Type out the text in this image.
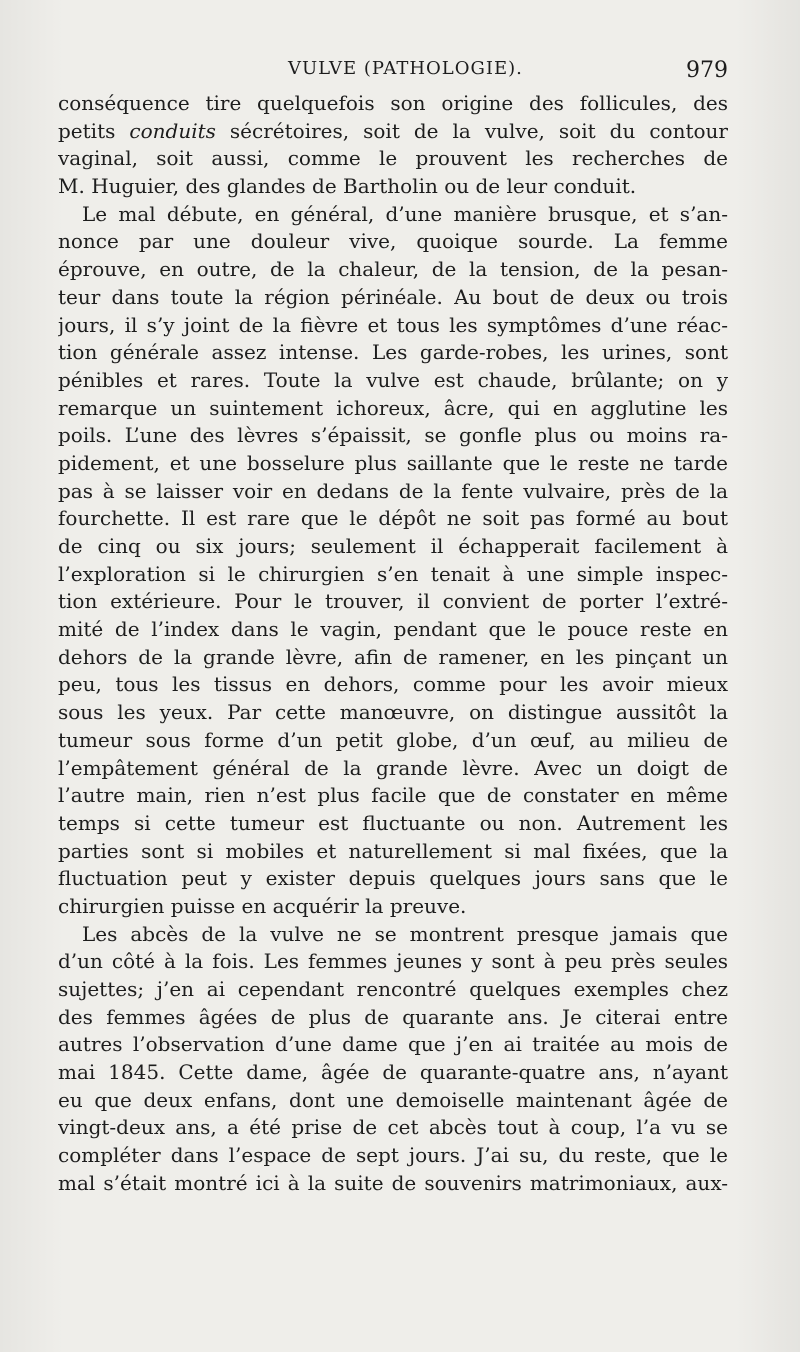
VULVE (PATHOLOGIE).	979
conséquence tire quelquefois son origine des follicules, des
petits conduits sécrétoires, soit de la vulve, soit du contour
vaginal, soit aussi, comme le prouvent les recherches de
M. Huguier, des glandes de Bartholin ou de leur conduit.
Le mal débute, en général, d’une manière brusque, et s’an-
nonce par une douleur vive, quoique sourde. La femme
éprouve, en outre, de la chaleur, de la tension, de la pesan-
teur dans toute la région périnéale. Au bout de deux ou trois
jours, il s’y joint de la fièvre et tous les symptômes d’une réac-
tion générale assez intense. Les garde-robes, les urines, sont
pénibles et rares. Toute la vulve est chaude, brûlante; on y
remarque un suintement ichoreux, âcre, qui en agglutine les
poils. L’une des lèvres s’épaissit, se gonfle plus ou moins ra-
pidement, et une bosselure plus saillante que le reste ne tarde
pas à se laisser voir en dedans de la fente vulvaire, près de la
fourchette. Il est rare que le dépôt ne soit pas formé au bout
de cinq ou six jours; seulement il échapperait facilement à
l’exploration si le chirurgien s’en tenait à une simple inspec-
tion extérieure. Pour le trouver, il convient de porter l’extré-
mité de l’index dans le vagin, pendant que le pouce reste en
dehors de la grande lèvre, afin de ramener, en les pinçant un
peu, tous les tissus en dehors, comme pour les avoir mieux
sous les yeux. Par cette manœuvre, on distingue aussitôt la
tumeur sous forme d’un petit globe, d’un œuf, au milieu de
l’empâtement général de la grande lèvre. Avec un doigt de
l’autre main, rien n’est plus facile que de constater en même
temps si cette tumeur est fluctuante ou non. Autrement les
parties sont si mobiles et naturellement si mal fixées, que la
fluctuation peut y exister depuis quelques jours sans que le
chirurgien puisse en acquérir la preuve.
Les abcès de la vulve ne se montrent presque jamais que
d’un côté à la fois. Les femmes jeunes y sont à peu près seules
sujettes; j’en ai cependant rencontré quelques exemples chez
des femmes âgées de plus de quarante ans. Je citerai entre
autres l’observation d’une dame que j’en ai traitée au mois de
mai 1845. Cette dame, âgée de quarante-quatre ans, n’ayant
eu que deux enfans, dont une demoiselle maintenant âgée de
vingt-deux ans, a été prise de cet abcès tout à coup, l’a vu se
compléter dans l’espace de sept jours. J’ai su, du reste, que le
mal s’était montré ici à la suite de souvenirs matrimoniaux, aux-
